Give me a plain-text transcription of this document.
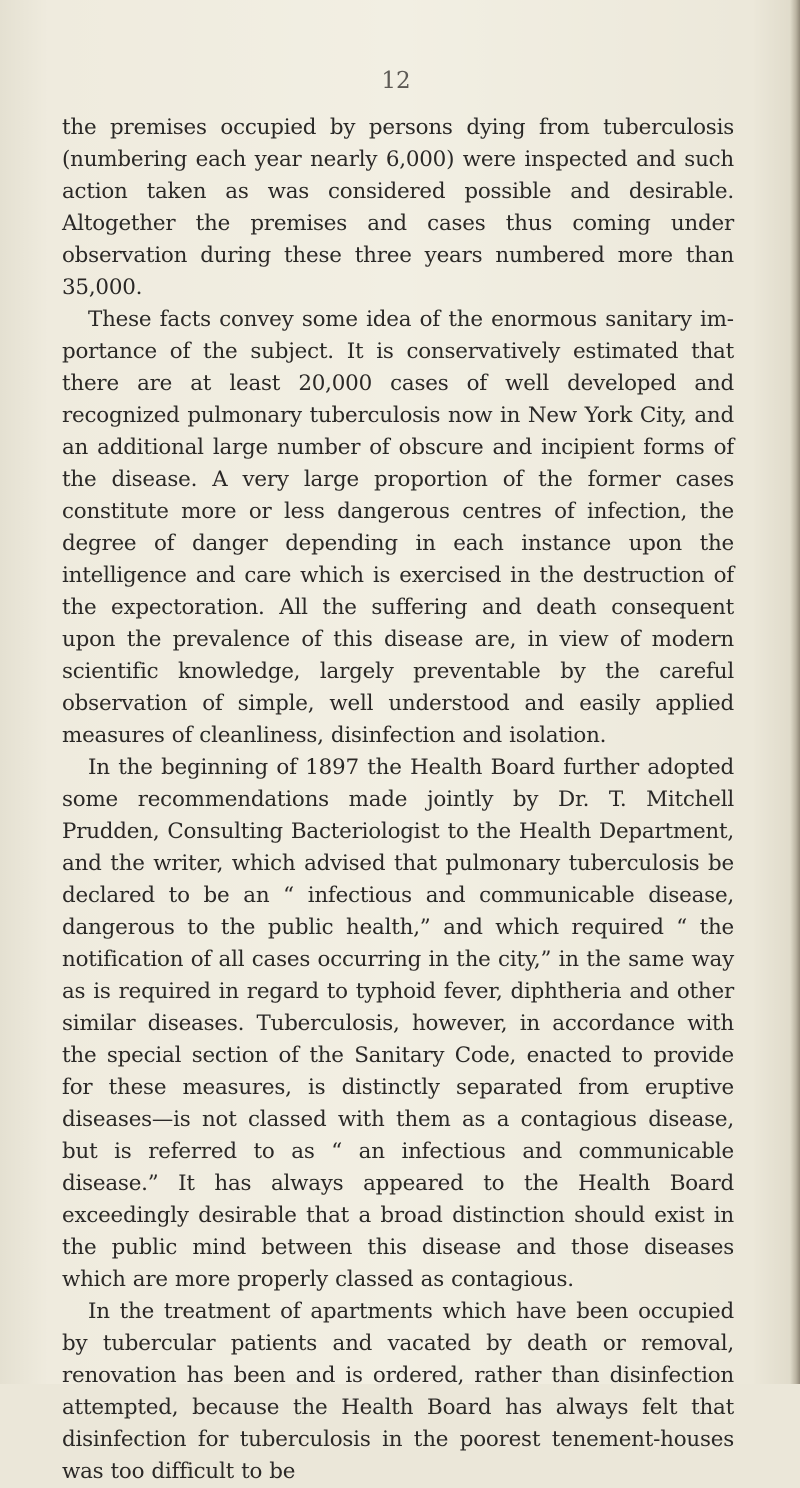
12

the premises occupied by persons dying from tuberculosis (numbering each year nearly 6,000) were inspected and such action taken as was considered possible and desirable. Altogether the premises and cases thus coming under observation during these three years numbered more than 35,000.

These facts convey some idea of the enormous sanitary importance of the subject. It is conservatively estimated that there are at least 20,000 cases of well developed and recognized pulmonary tuberculosis now in New York City, and an additional large number of obscure and incipient forms of the disease. A very large proportion of the former cases constitute more or less dangerous centres of infection, the degree of danger depending in each instance upon the intelligence and care which is exercised in the destruction of the expectoration. All the suffering and death consequent upon the prevalence of this disease are, in view of modern scientific knowledge, largely preventable by the careful observation of simple, well understood and easily applied measures of cleanliness, disinfection and isolation.

In the beginning of 1897 the Health Board further adopted some recommendations made jointly by Dr. T. Mitchell Prudden, Consulting Bacteriologist to the Health Department, and the writer, which advised that pulmonary tuberculosis be declared to be an “ infectious and communicable disease, dangerous to the public health,” and which required “ the notification of all cases occurring in the city,” in the same way as is required in regard to typhoid fever, diphtheria and other similar diseases. Tuberculosis, however, in accordance with the special section of the Sanitary Code, enacted to provide for these measures, is distinctly separated from eruptive diseases—is not classed with them as a contagious disease, but is referred to as “ an infectious and communicable disease.” It has always appeared to the Health Board exceedingly desirable that a broad distinction should exist in the public mind between this disease and those diseases which are more properly classed as contagious.

In the treatment of apartments which have been occupied by tubercular patients and vacated by death or removal, renovation has been and is ordered, rather than disinfection attempted, because the Health Board has always felt that disinfection for tuberculosis in the poorest tenement-houses was too difficult to be
